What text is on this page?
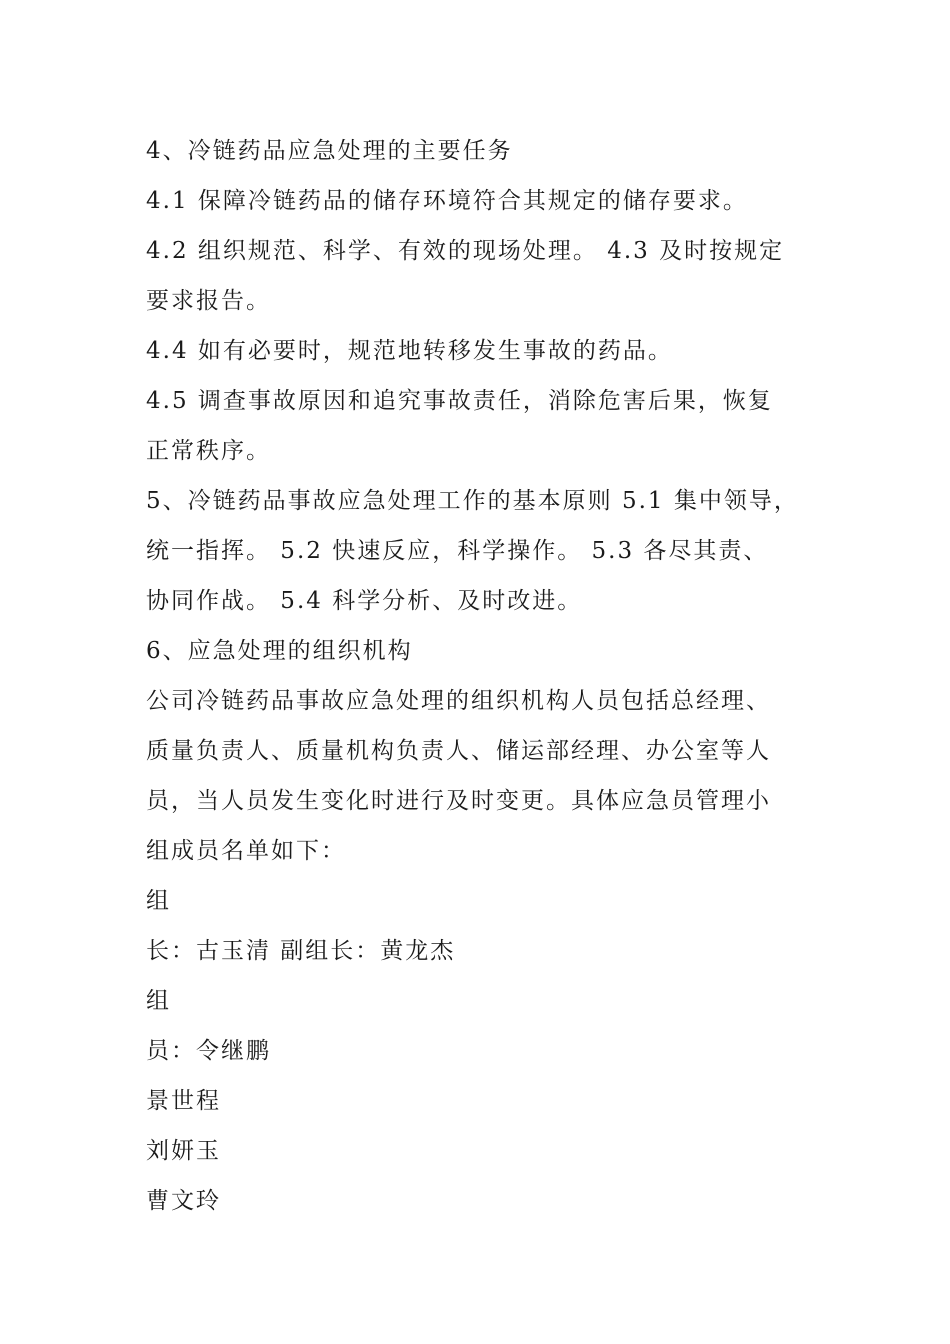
4、冷链药品应急处理的主要任务
4.1 保障冷链药品的储存环境符合其规定的储存要求。
4.2 组织规范、科学、有效的现场处理。 4.3 及时按规定
要求报告。
4.4 如有必要时，规范地转移发生事故的药品。
4.5 调查事故原因和追究事故责任，消除危害后果，恢复
正常秩序。
5、冷链药品事故应急处理工作的基本原则 5.1 集中领导，
统一指挥。 5.2 快速反应，科学操作。 5.3 各尽其责、
协同作战。 5.4 科学分析、及时改进。
6、应急处理的组织机构
公司冷链药品事故应急处理的组织机构人员包括总经理、
质量负责人、质量机构负责人、储运部经理、办公室等人
员，当人员发生变化时进行及时变更。具体应急员管理小
组成员名单如下：
组
长：古玉清 副组长：黄龙杰
组
员：令继鹏
景世程
刘妍玉
曹文玲
